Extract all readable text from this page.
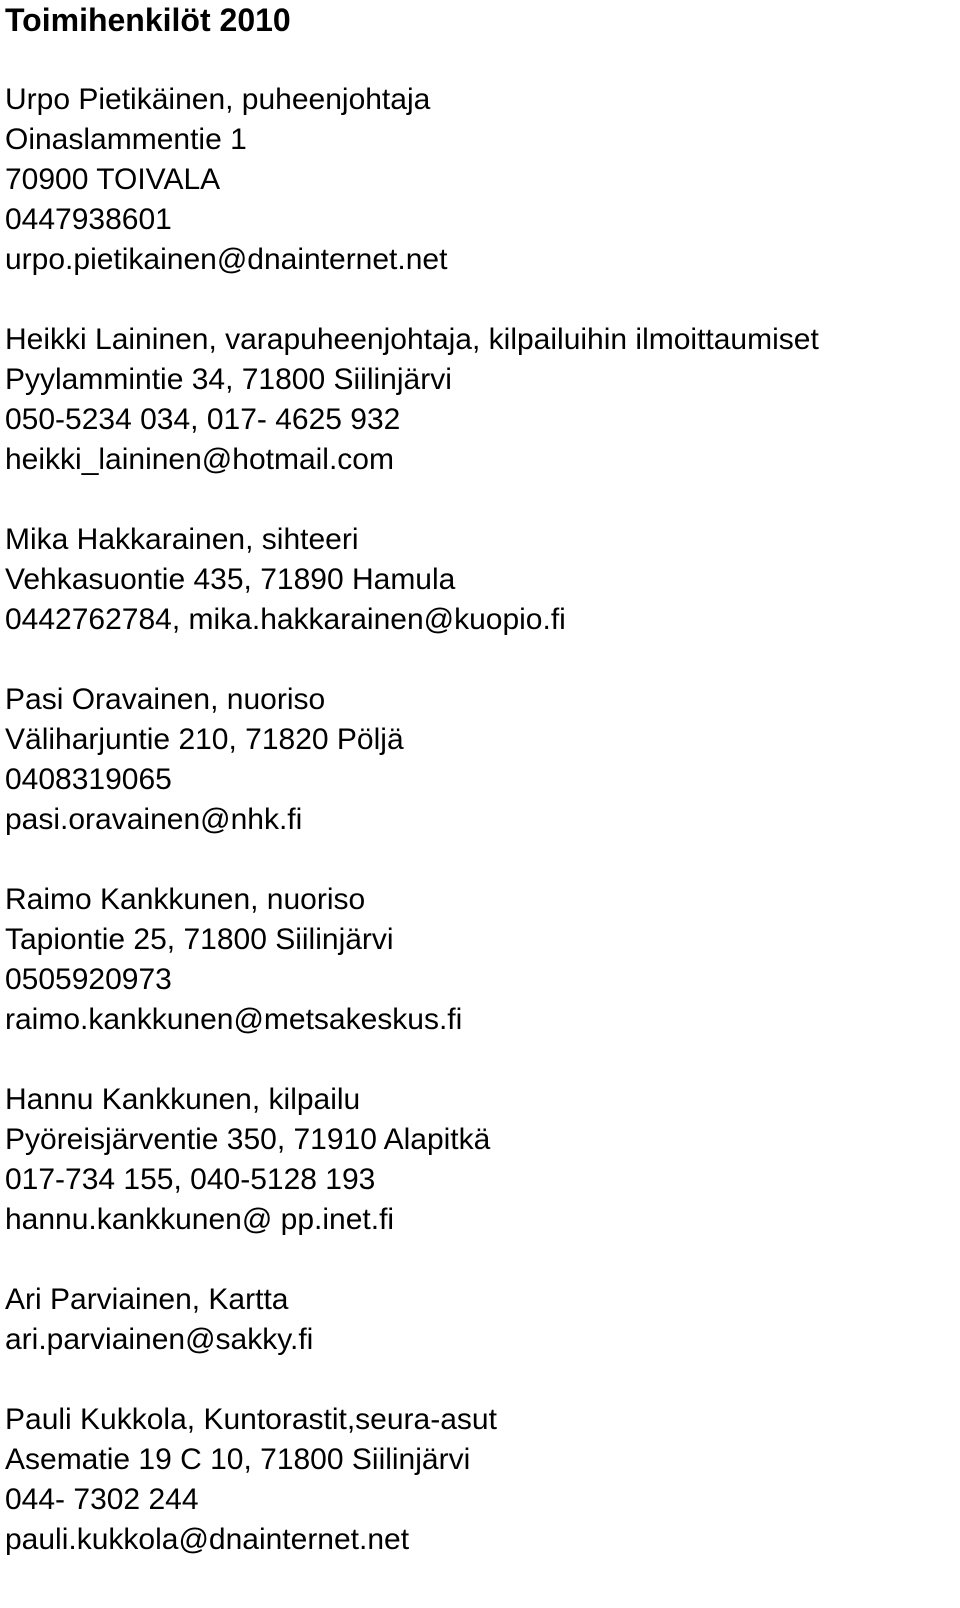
Toimihenkilöt 2010
Urpo Pietikäinen, puheenjohtaja
Oinaslammentie 1
70900 TOIVALA
0447938601
urpo.pietikainen@dnainternet.net
Heikki Laininen, varapuheenjohtaja, kilpailuihin ilmoittaumiset
Pyylammintie 34, 71800 Siilinjärvi
050-5234 034, 017- 4625 932
heikki_laininen@hotmail.com
Mika Hakkarainen, sihteeri
Vehkasuontie 435, 71890 Hamula
0442762784, mika.hakkarainen@kuopio.fi
Pasi Oravainen, nuoriso
Väliharjuntie 210, 71820 Pöljä
0408319065
pasi.oravainen@nhk.fi
Raimo Kankkunen, nuoriso
Tapiontie 25, 71800 Siilinjärvi
0505920973
raimo.kankkunen@metsakeskus.fi
Hannu Kankkunen, kilpailu
Pyöreisjärventie 350, 71910 Alapitkä
017-734 155, 040-5128 193
hannu.kankkunen@ pp.inet.fi
Ari Parviainen, Kartta
ari.parviainen@sakky.fi
Pauli Kukkola, Kuntorastit,seura-asut
Asematie 19 C 10, 71800 Siilinjärvi
044- 7302 244
pauli.kukkola@dnainternet.net
